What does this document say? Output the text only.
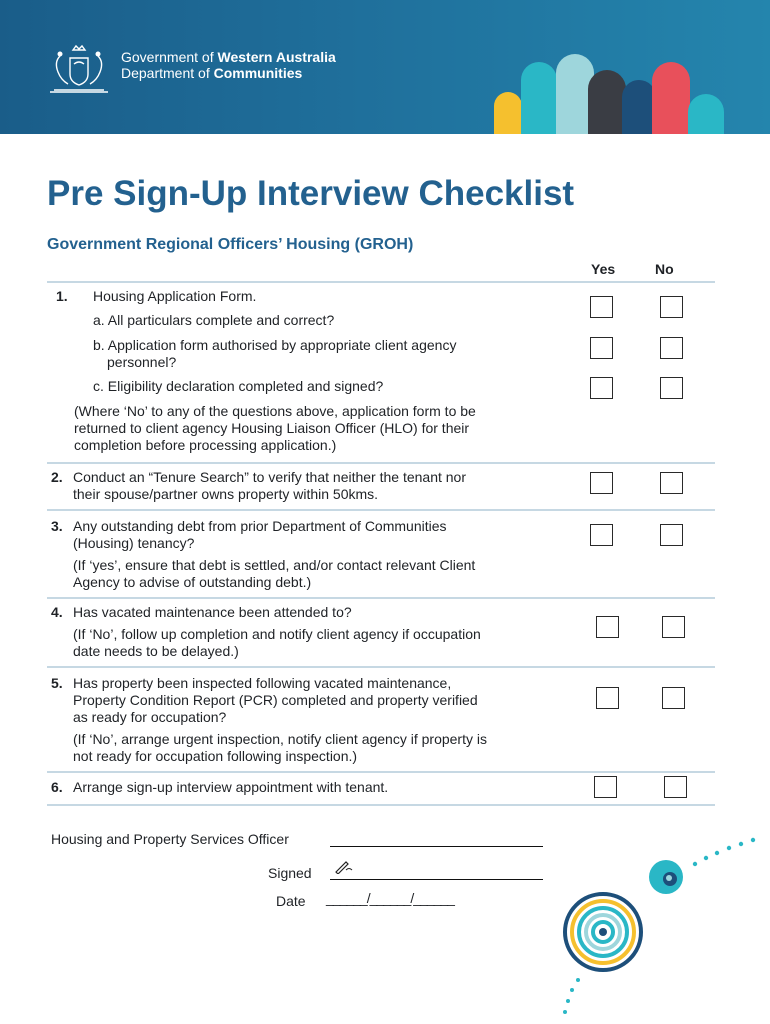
Government of Western Australia
Department of Communities
Pre Sign-Up Interview Checklist
Government Regional Officers’ Housing (GROH)
Yes	No
1. Housing Application Form.
a. All particulars complete and correct?
b. Application form authorised by appropriate client agency
personnel?
c. Eligibility declaration completed and signed?
(Where ‘No’ to any of the questions above, application form to be
returned to client agency Housing Liaison Officer (HLO) for their
completion before processing application.)
2. Conduct an “Tenure Search” to verify that neither the tenant nor
their spouse/partner owns property within 50kms.
3. Any outstanding debt from prior Department of Communities
(Housing) tenancy?
(If ‘yes’, ensure that debt is settled, and/or contact relevant Client
Agency to advise of outstanding debt.)
4. Has vacated maintenance been attended to?
(If ‘No’, follow up completion and notify client agency if occupation
date needs to be delayed.)
5. Has property been inspected following vacated maintenance,
Property Condition Report (PCR) completed and property verified
as ready for occupation?
(If ‘No’, arrange urgent inspection, notify client agency if property is
not ready for occupation following inspection.)
6. Arrange sign-up interview appointment with tenant.
Housing and Property Services Officer
Signed
Date ______/______/______
